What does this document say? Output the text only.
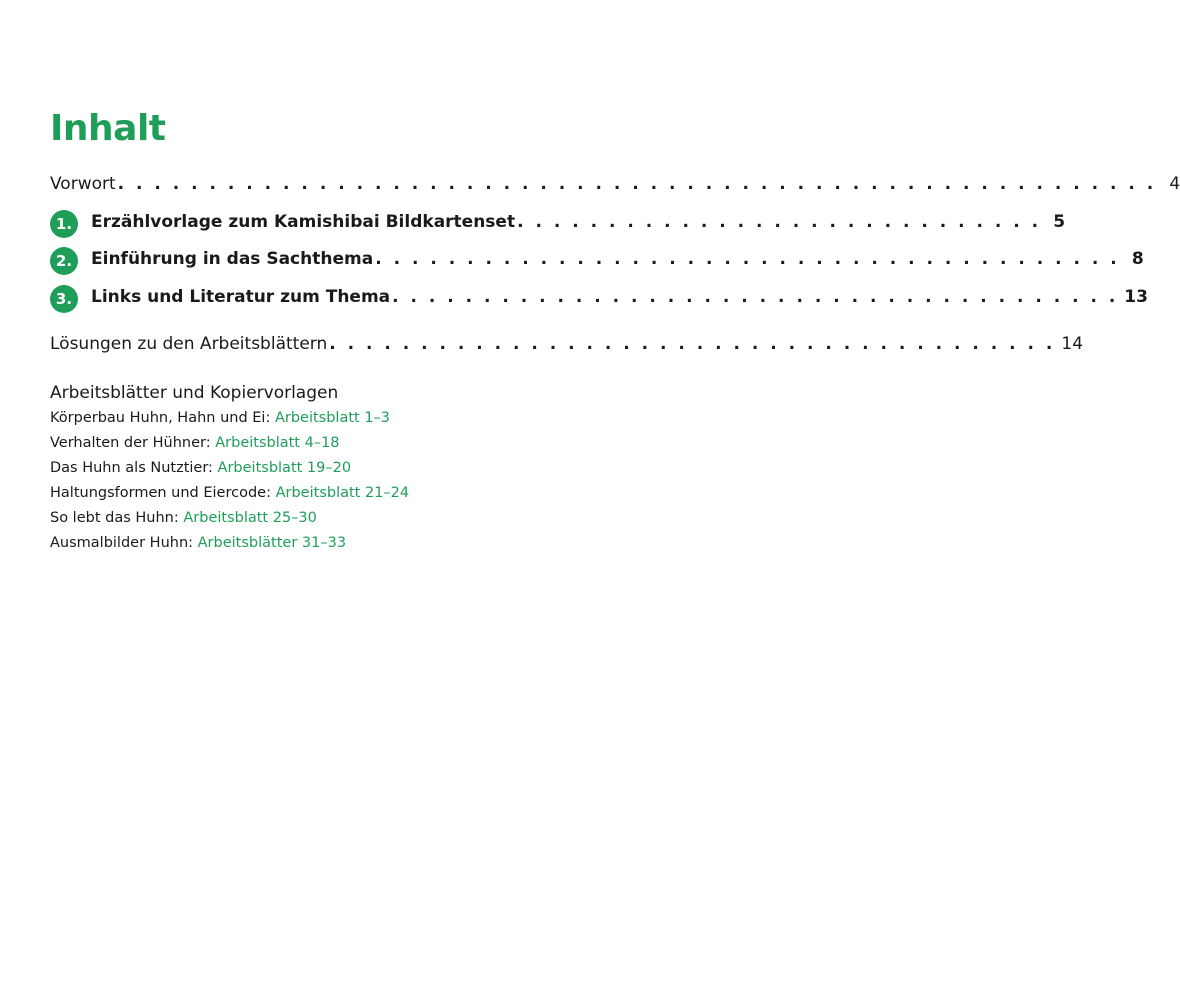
Inhalt
Vorwort . . . . . . . . . . . . . . . . . . . . . . . . . . . . . . . . . . . . . . . . . . . . . . . . . . . . . . . . . 4
1.	Erzählvorlage zum Kamishibai Bildkartenset . . . . . . . . . . . . . . . . . . . . . . . . . . . . . 5
2.	Einführung in das Sachthema . . . . . . . . . . . . . . . . . . . . . . . . . . . . . . . . . . . . . . . . . 8
3.	Links und Literatur zum Thema . . . . . . . . . . . . . . . . . . . . . . . . . . . . . . . . . . . . . . . . 13
Lösungen zu den Arbeitsblättern . . . . . . . . . . . . . . . . . . . . . . . . . . . . . . . . . . . . . . . . 14
Arbeitsblätter und Kopiervorlagen
Körperbau Huhn, Hahn und Ei: Arbeitsblatt 1–3
Verhalten der Hühner: Arbeitsblatt 4–18
Das Huhn als Nutztier: Arbeitsblatt 19–20
Haltungsformen und Eiercode: Arbeitsblatt 21–24
So lebt das Huhn: Arbeitsblatt 25–30
Ausmalbilder Huhn: Arbeitsblätter 31–33
